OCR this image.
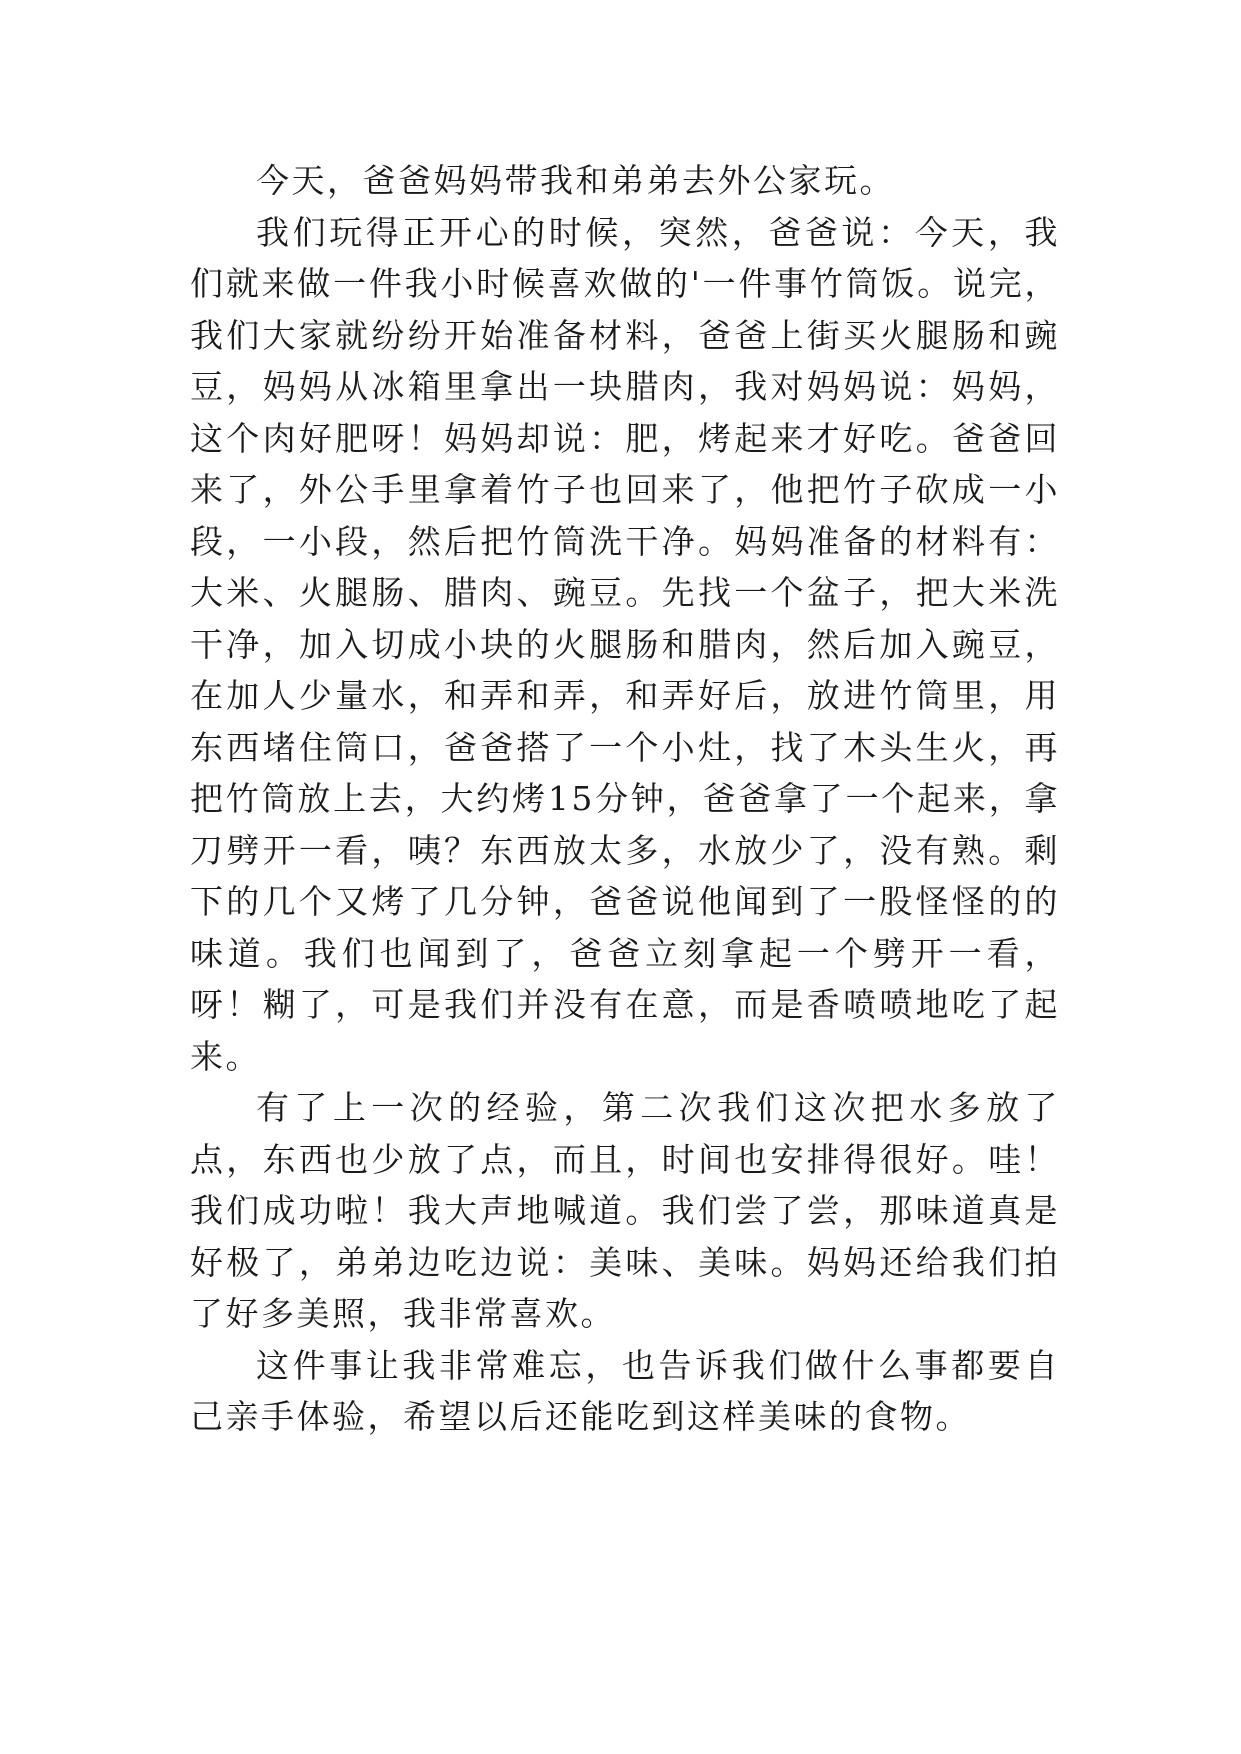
今天，爸爸妈妈带我和弟弟去外公家玩。

我们玩得正开心的时候，突然，爸爸说：今天，我们就来做一件我小时候喜欢做的'一件事竹筒饭。说完，我们大家就纷纷开始准备材料，爸爸上街买火腿肠和豌豆，妈妈从冰箱里拿出一块腊肉，我对妈妈说：妈妈，这个肉好肥呀！妈妈却说：肥，烤起来才好吃。爸爸回来了，外公手里拿着竹子也回来了，他把竹子砍成一小段，一小段，然后把竹筒洗干净。妈妈准备的材料有：大米、火腿肠、腊肉、豌豆。先找一个盆子，把大米洗干净，加入切成小块的火腿肠和腊肉，然后加入豌豆，在加人少量水，和弄和弄，和弄好后，放进竹筒里，用东西堵住筒口，爸爸搭了一个小灶，找了木头生火，再把竹筒放上去，大约烤15分钟，爸爸拿了一个起来，拿刀劈开一看，咦？东西放太多，水放少了，没有熟。剩下的几个又烤了几分钟，爸爸说他闻到了一股怪怪的的味道。我们也闻到了，爸爸立刻拿起一个劈开一看，呀！糊了，可是我们并没有在意，而是香喷喷地吃了起来。

有了上一次的经验，第二次我们这次把水多放了点，东西也少放了点，而且，时间也安排得很好。哇！我们成功啦！我大声地喊道。我们尝了尝，那味道真是好极了，弟弟边吃边说：美味、美味。妈妈还给我们拍了好多美照，我非常喜欢。

这件事让我非常难忘，也告诉我们做什么事都要自己亲手体验，希望以后还能吃到这样美味的食物。
